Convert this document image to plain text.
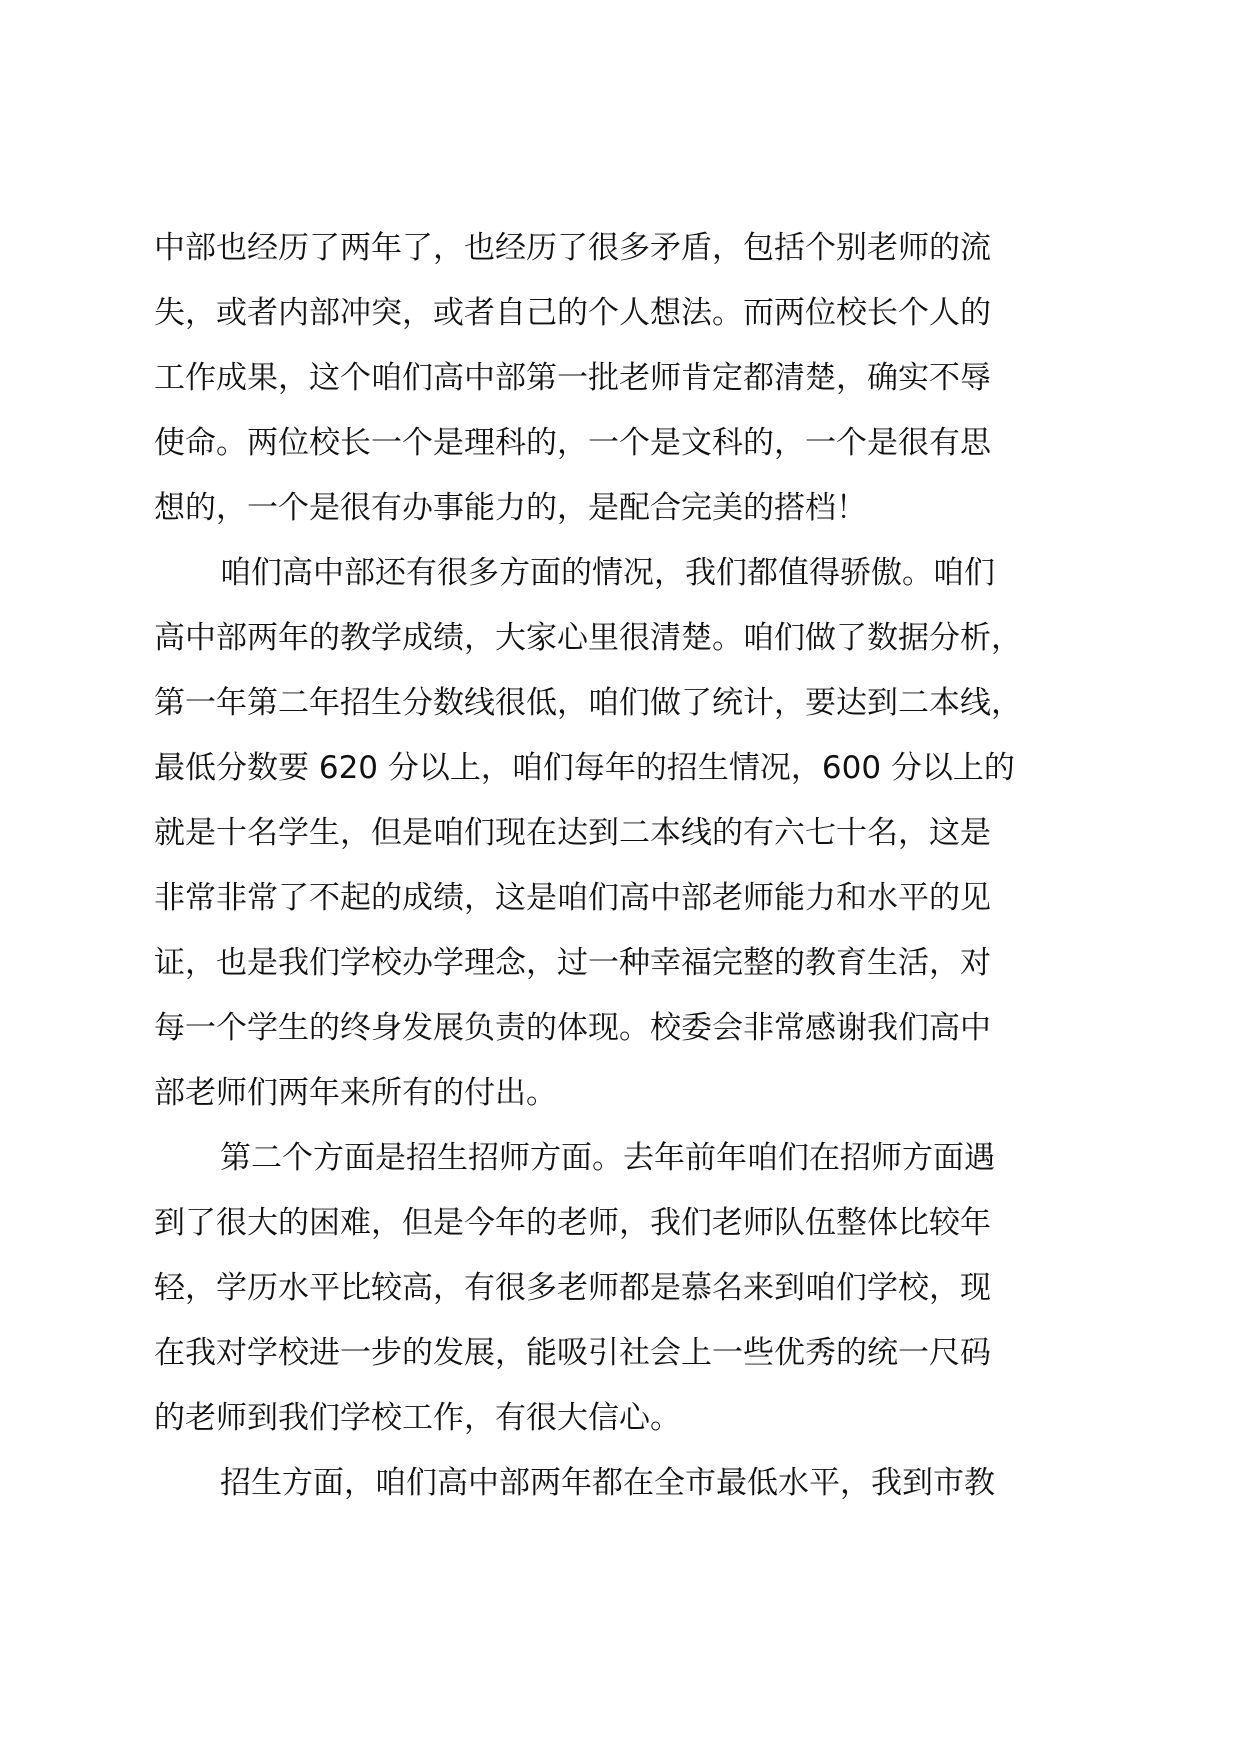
中部也经历了两年了，也经历了很多矛盾，包括个别老师的流
失，或者内部冲突，或者自己的个人想法。而两位校长个人的
工作成果，这个咱们高中部第一批老师肯定都清楚，确实不辱
使命。两位校长一个是理科的，一个是文科的，一个是很有思
想的，一个是很有办事能力的，是配合完美的搭档！
咱们高中部还有很多方面的情况，我们都值得骄傲。咱们
高中部两年的教学成绩，大家心里很清楚。咱们做了数据分析，
第一年第二年招生分数线很低，咱们做了统计，要达到二本线，
最低分数要 620 分以上，咱们每年的招生情况，600 分以上的
就是十名学生，但是咱们现在达到二本线的有六七十名，这是
非常非常了不起的成绩，这是咱们高中部老师能力和水平的见
证，也是我们学校办学理念，过一种幸福完整的教育生活，对
每一个学生的终身发展负责的体现。校委会非常感谢我们高中
部老师们两年来所有的付出。
第二个方面是招生招师方面。去年前年咱们在招师方面遇
到了很大的困难，但是今年的老师，我们老师队伍整体比较年
轻，学历水平比较高，有很多老师都是慕名来到咱们学校，现
在我对学校进一步的发展，能吸引社会上一些优秀的统一尺码
的老师到我们学校工作，有很大信心。
招生方面，咱们高中部两年都在全市最低水平，我到市教
